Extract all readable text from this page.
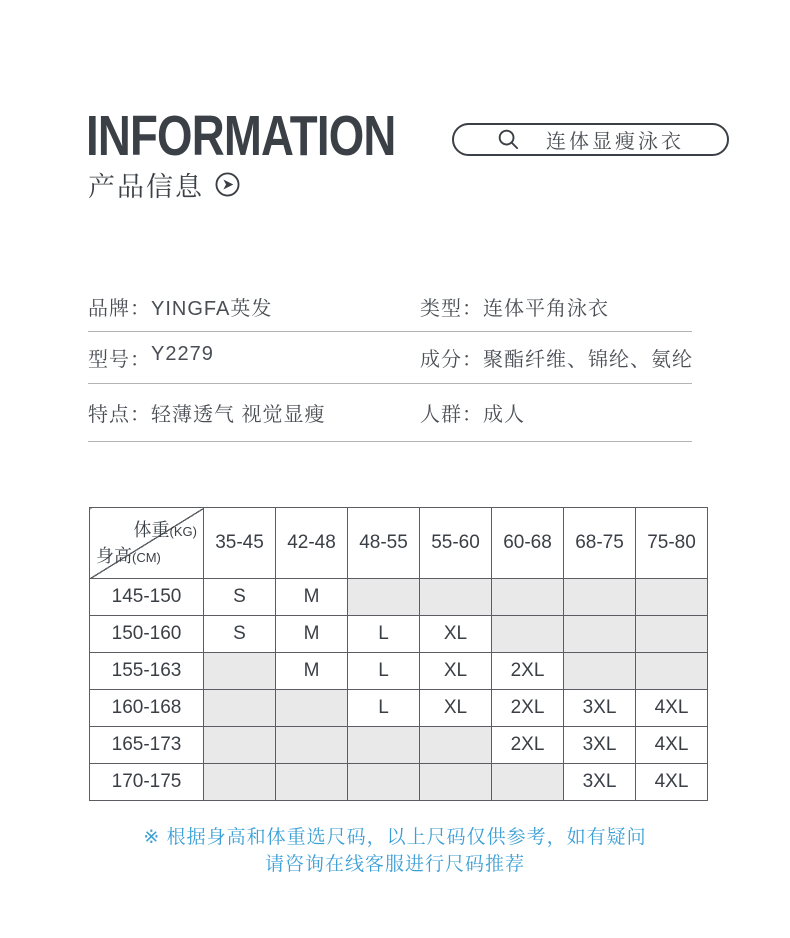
INFORMATION
产品信息
连体显瘦泳衣
品牌： YINGFA英发	类型： 连体平角泳衣
型号： Y2279	成分： 聚酯纤维、锦纶、氨纶
特点： 轻薄透气 视觉显瘦	人群： 成人
体重(KG)
身高(CM)	35-45	42-48	48-55	55-60	60-68	68-75	75-80
145-150	S	M					
150-160	S	M	L	XL			
155-163		M	L	XL	2XL		
160-168			L	XL	2XL	3XL	4XL
165-173					2XL	3XL	4XL
170-175						3XL	4XL
※ 根据身高和体重选尺码，以上尺码仅供参考，如有疑问
请咨询在线客服进行尺码推荐
